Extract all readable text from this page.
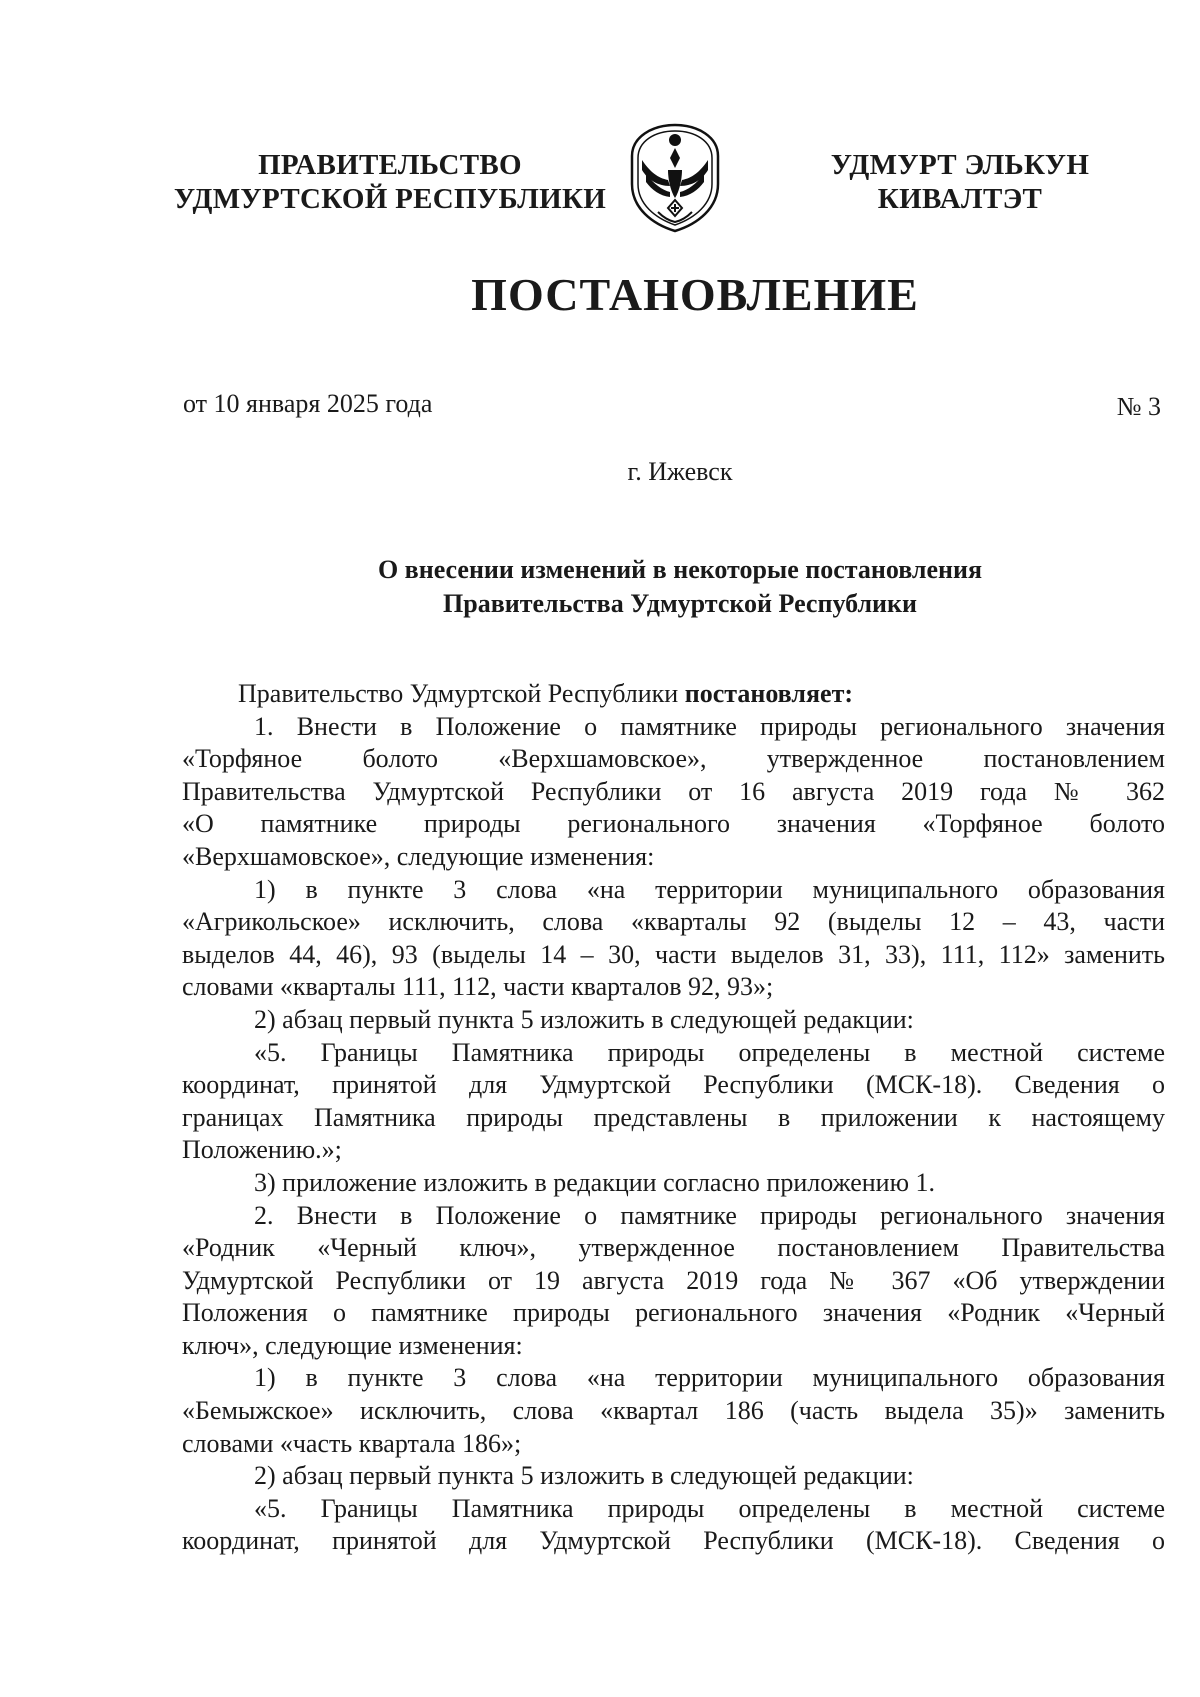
ПРАВИТЕЛЬСТВО
УДМУРТСКОЙ РЕСПУБЛИКИ
УДМУРТ ЭЛЬКУН
КИВАЛТЭТ
ПОСТАНОВЛЕНИЕ
от 10 января 2025 года	№ 3
г. Ижевск
О внесении изменений в некоторые постановления
Правительства Удмуртской Республики
Правительство Удмуртской Республики постановляет:
1. Внести в Положение о памятнике природы регионального значения
«Торфяное болото «Верхшамовское», утвержденное постановлением
Правительства Удмуртской Республики от 16 августа 2019 года № 362
«О памятнике природы регионального значения «Торфяное болото
«Верхшамовское», следующие изменения:
1) в пункте 3 слова «на территории муниципального образования
«Агрикольское» исключить, слова «кварталы 92 (выделы 12 – 43, части
выделов 44, 46), 93 (выделы 14 – 30, части выделов 31, 33), 111, 112» заменить
словами «кварталы 111, 112, части кварталов 92, 93»;
2) абзац первый пункта 5 изложить в следующей редакции:
«5. Границы Памятника природы определены в местной системе
координат, принятой для Удмуртской Республики (МСК-18). Сведения о
границах Памятника природы представлены в приложении к настоящему
Положению.»;
3) приложение изложить в редакции согласно приложению 1.
2. Внести в Положение о памятнике природы регионального значения
«Родник «Черный ключ», утвержденное постановлением Правительства
Удмуртской Республики от 19 августа 2019 года № 367 «Об утверждении
Положения о памятнике природы регионального значения «Родник «Черный
ключ», следующие изменения:
1) в пункте 3 слова «на территории муниципального образования
«Бемыжское» исключить, слова «квартал 186 (часть выдела 35)» заменить
словами «часть квартала 186»;
2) абзац первый пункта 5 изложить в следующей редакции:
«5. Границы Памятника природы определены в местной системе
координат, принятой для Удмуртской Республики (МСК-18). Сведения о
